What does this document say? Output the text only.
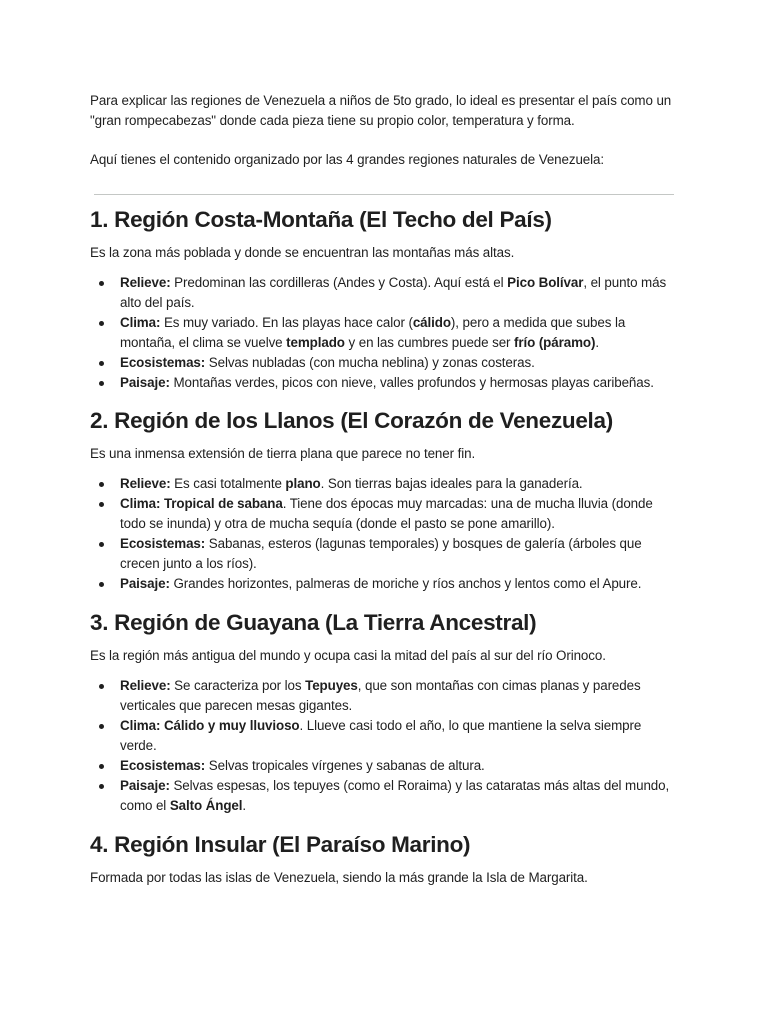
Para explicar las regiones de Venezuela a niños de 5to grado, lo ideal es presentar el país como un "gran rompecabezas" donde cada pieza tiene su propio color, temperatura y forma.

Aquí tienes el contenido organizado por las 4 grandes regiones naturales de Venezuela:

1. Región Costa-Montaña (El Techo del País)

Es la zona más poblada y donde se encuentran las montañas más altas.

Relieve: Predominan las cordilleras (Andes y Costa). Aquí está el Pico Bolívar, el punto más alto del país.
Clima: Es muy variado. En las playas hace calor (cálido), pero a medida que subes la montaña, el clima se vuelve templado y en las cumbres puede ser frío (páramo).
Ecosistemas: Selvas nubladas (con mucha neblina) y zonas costeras.
Paisaje: Montañas verdes, picos con nieve, valles profundos y hermosas playas caribeñas.
2. Región de los Llanos (El Corazón de Venezuela)

Es una inmensa extensión de tierra plana que parece no tener fin.

Relieve: Es casi totalmente plano. Son tierras bajas ideales para la ganadería.
Clima: Tropical de sabana. Tiene dos épocas muy marcadas: una de mucha lluvia (donde todo se inunda) y otra de mucha sequía (donde el pasto se pone amarillo).
Ecosistemas: Sabanas, esteros (lagunas temporales) y bosques de galería (árboles que crecen junto a los ríos).
Paisaje: Grandes horizontes, palmeras de moriche y ríos anchos y lentos como el Apure.
3. Región de Guayana (La Tierra Ancestral)

Es la región más antigua del mundo y ocupa casi la mitad del país al sur del río Orinoco.

Relieve: Se caracteriza por los Tepuyes, que son montañas con cimas planas y paredes verticales que parecen mesas gigantes.
Clima: Cálido y muy lluvioso. Llueve casi todo el año, lo que mantiene la selva siempre verde.
Ecosistemas: Selvas tropicales vírgenes y sabanas de altura.
Paisaje: Selvas espesas, los tepuyes (como el Roraima) y las cataratas más altas del mundo, como el Salto Ángel.
4. Región Insular (El Paraíso Marino)

Formada por todas las islas de Venezuela, siendo la más grande la Isla de Margarita.
